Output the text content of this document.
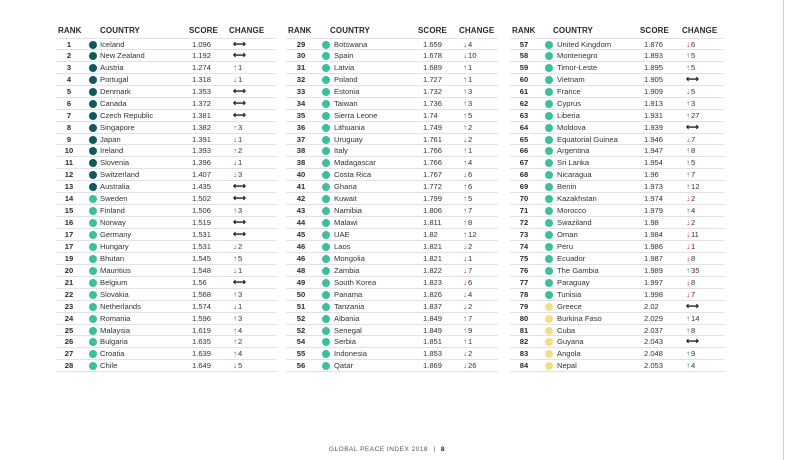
RANK COUNTRY	SCORE CHANGE	RANK COUNTRY	SCORE CHANGE RANK COUNTRY	SCORE CHANGE
1	Iceland	1.096 ⟷
2	New Zealand	1.192 ⟷
3	Austria	1.274	↑1
4	Portugal	1.318	↓1
5	Denmark	1.353 ⟷
6	Canada	1.372 ⟷
7	Czech Republic	1.381 ⟷
8	Singapore	1.382	↑3
9	Japan	1.391	↓1
10	Ireland	1.393	↑2
11	Slovenia	1.396	↓1
12	Switzerland	1.407	↓3
13	Australia	1.435 ⟷
14	Sweden	1.502 ⟷
15	Finland	1.506	↑3
16	Norway	1.519 ⟷
17	Germany	1.531 ⟷
17	Hungary	1.531	↓2
19	Bhutan	1.545	↑5
20	Mauritius	1.548	↓1
21	Belgium	1.56	⟷
22	Slovakia	1.568	↑3
23	Netherlands	1.574	↓1
24	Romania	1.596	↑3
25	Malaysia	1.619	↑4
26	Bulgaria	1.635	↑2
27	Croatia	1.639	↑4
28	Chile	1.649	↓5
29	Botswana	1.659	↓4
30	Spain	1.678	↓10
31	Latvia	1.689	↑1
32	Poland	1.727	↑1
33	Estonia	1.732	↑3
34	Taiwan	1.736	↑3
35	Sierra Leone	1.74	↑5
36	Lithuania	1.749	↑2
37	Uruguay	1.761	↓2
38	Italy	1.766	↑1
38	Madagascar	1.766	↑4
40	Costa Rica	1.767	↓6
41	Ghana	1.772	↑6
42	Kuwait	1.799	↑5
43	Namibia	1.806	↑7
44	Malawi	1.811	↑8
45	UAE	1.82	↑12
46	Laos	1.821	↓2
46	Mongolia	1.821	↓1
48	Zambia	1.822	↓7
49	South Korea	1.823	↓6
50	Panama	1.826	↓4
51	Tanzania	1.837	↓2
52	Albania	1.849	↑7
52	Senegal	1.849	↑9
54	Serbia	1.851	↑1
55	Indonesia	1.853	↓2
56	Qatar	1.869	↓26
57	United Kingdom	1.876	↓6
58	Montenegro	1.893	↑5
59	Timor-Leste	1.895	↑5
60	Vietnam	1.905	⟷
61	France	1.909	↓5
62	Cyprus	1.913	↑3
63	Liberia	1.931	↑27
64	Moldova	1.939	⟷
65	Equatorial Guinea	1.946	↓7
66	Argentina	1.947	↑8
67	Sri Lanka	1.954	↑5
68	Nicaragua	1.96	↑7
69	Benin	1.973	↑12
70	Kazakhstan	1.974	↓2
71	Morocco	1.979	↑4
72	Swaziland	1.98	↓2
73	Oman	1.984	↓11
74	Peru	1.986	↓1
75	Ecuador	1.987	↓8
76	The Gambia	1.989	↑35
77	Paraguay	1.997	↓8
78	Tunisia	1.998	↓7
79	Greece	2.02	⟷
80	Burkina Faso	2.029	↑14
81	Cuba	2.037	↑8
82	Guyana	2.043	⟷
83	Angola	2.048	↑9
84	Nepal	2.053	↑4
GLOBAL PEACE INDEX 2018 | 8
